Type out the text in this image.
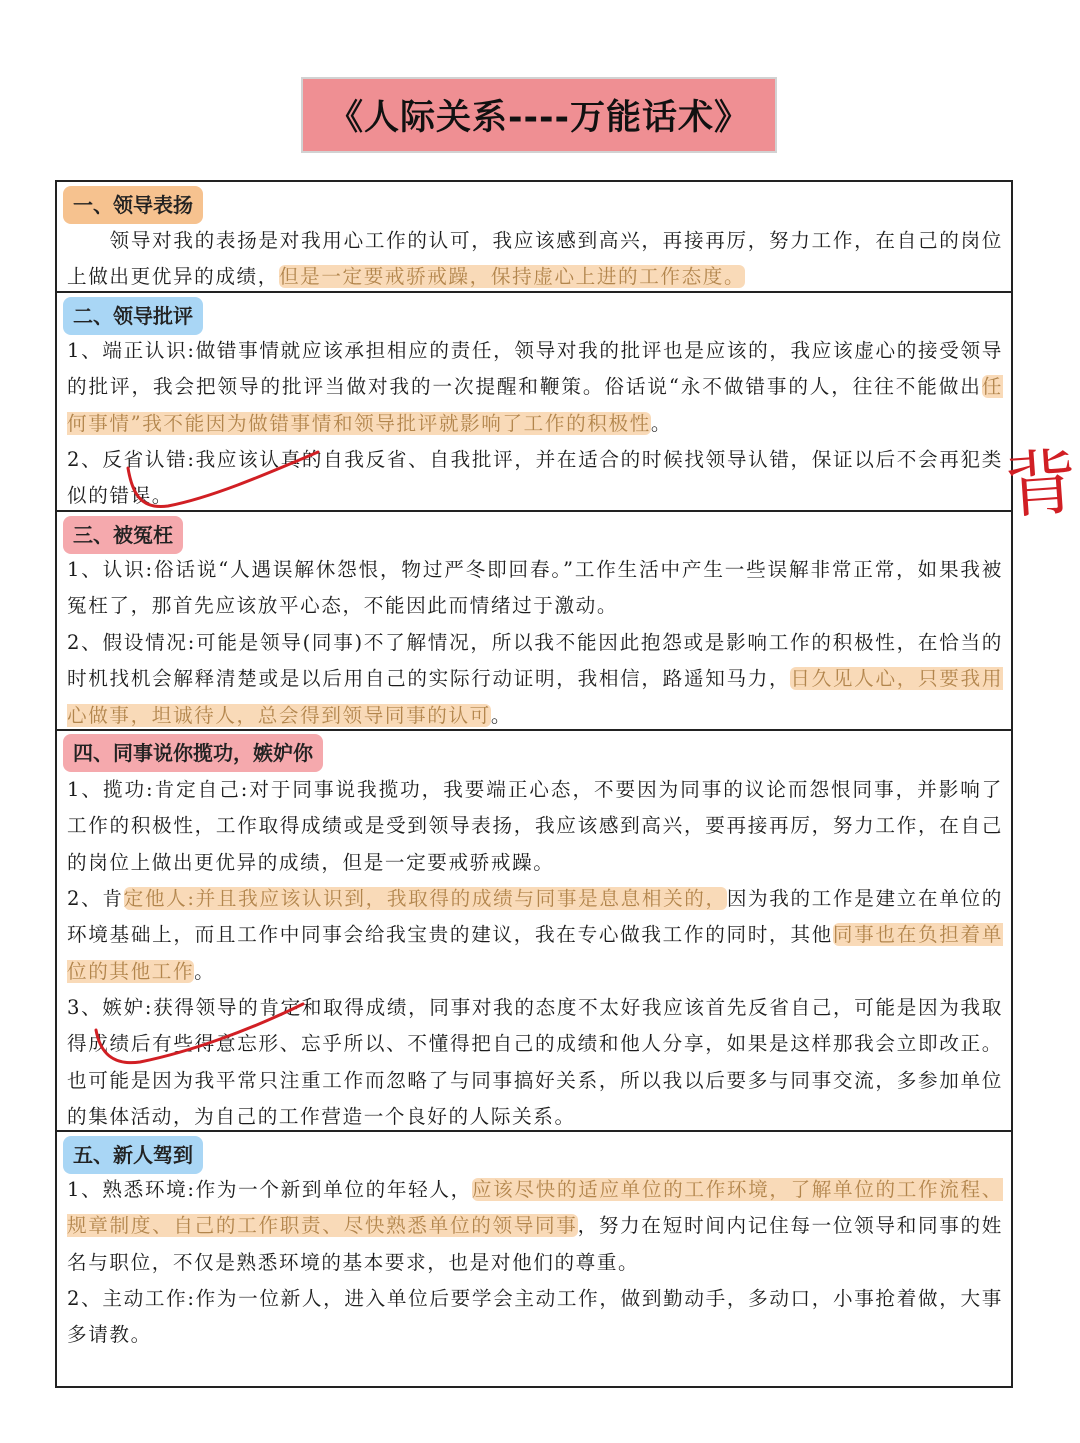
《人际关系----万能话术》
一、领导表扬
　　领导对我的表扬是对我用心工作的认可，我应该感到高兴，再接再厉，努力工作，在自己的岗位上做出更优异的成绩，但是一定要戒骄戒躁，保持虚心上进的工作态度。
二、领导批评
1、端正认识:做错事情就应该承担相应的责任，领导对我的批评也是应该的，我应该虚心的接受领导的批评，我会把领导的批评当做对我的一次提醒和鞭策。俗话说“永不做错事的人，往往不能做出任何事情”我不能因为做错事情和领导批评就影响了工作的积极性。
2、反省认错:我应该认真的自我反省、自我批评，并在适合的时候找领导认错，保证以后不会再犯类似的错误。
三、被冤枉
1、认识:俗话说“人遇误解休怨恨，物过严冬即回春。”工作生活中产生一些误解非常正常，如果我被冤枉了，那首先应该放平心态，不能因此而情绪过于激动。
2、假设情况:可能是领导(同事)不了解情况，所以我不能因此抱怨或是影响工作的积极性，在恰当的时机找机会解释清楚或是以后用自己的实际行动证明，我相信，路遥知马力，日久见人心，只要我用心做事，坦诚待人，总会得到领导同事的认可。
四、同事说你揽功，嫉妒你
1、揽功:肯定自己:对于同事说我揽功，我要端正心态，不要因为同事的议论而怨恨同事，并影响了工作的积极性，工作取得成绩或是受到领导表扬，我应该感到高兴，要再接再厉，努力工作，在自己的岗位上做出更优异的成绩，但是一定要戒骄戒躁。
2、肯定他人:并且我应该认识到，我取得的成绩与同事是息息相关的，因为我的工作是建立在单位的环境基础上，而且工作中同事会给我宝贵的建议，我在专心做我工作的同时，其他同事也在负担着单位的其他工作。
3、嫉妒:获得领导的肯定和取得成绩，同事对我的态度不太好我应该首先反省自己，可能是因为我取得成绩后有些得意忘形、忘乎所以、不懂得把自己的成绩和他人分享，如果是这样那我会立即改正。也可能是因为我平常只注重工作而忽略了与同事搞好关系，所以我以后要多与同事交流，多参加单位的集体活动，为自己的工作营造一个良好的人际关系。
五、新人驾到
1、熟悉环境:作为一个新到单位的年轻人，应该尽快的适应单位的工作环境，了解单位的工作流程、规章制度、自己的工作职责、尽快熟悉单位的领导同事，努力在短时间内记住每一位领导和同事的姓名与职位，不仅是熟悉环境的基本要求，也是对他们的尊重。
2、主动工作:作为一位新人，进入单位后要学会主动工作，做到勤动手，多动口，小事抢着做，大事多请教。
背
